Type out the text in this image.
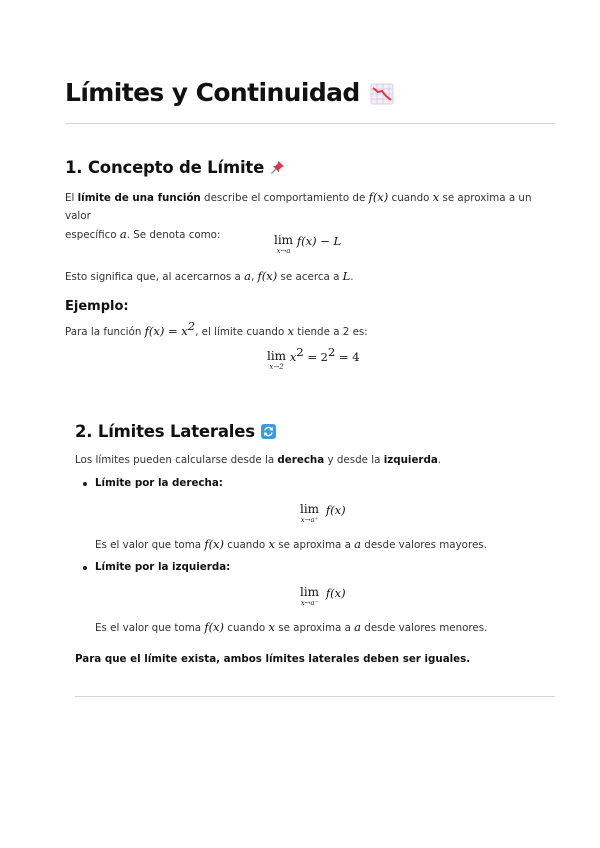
Límites y Continuidad
1. Concepto de Límite

El límite de una función describe el comportamiento de f(x) cuando x se aproxima a un valor
específico a. Se denota como:	lim
x→a
f(x) − L

Esto significa que, al acercarnos a a, f(x) se acerca a L.

Ejemplo:

Para la función $f(x) = x^2$, el límite cuando x tiende a 2 es:

lim
x→2
$x^2 = 2^2 = 4$
2. Límites Laterales

Los límites pueden calcularse desde la derecha y desde la izquierda.

Límite por la derecha:

lim
x→a⁺
f(x)

Es el valor que toma f(x) cuando x se aproxima a a desde valores mayores.

Límite por la izquierda:

lim
x→a⁻
f(x)

Es el valor que toma f(x) cuando x se aproxima a a desde valores menores.

Para que el límite exista, ambos límites laterales deben ser iguales.
